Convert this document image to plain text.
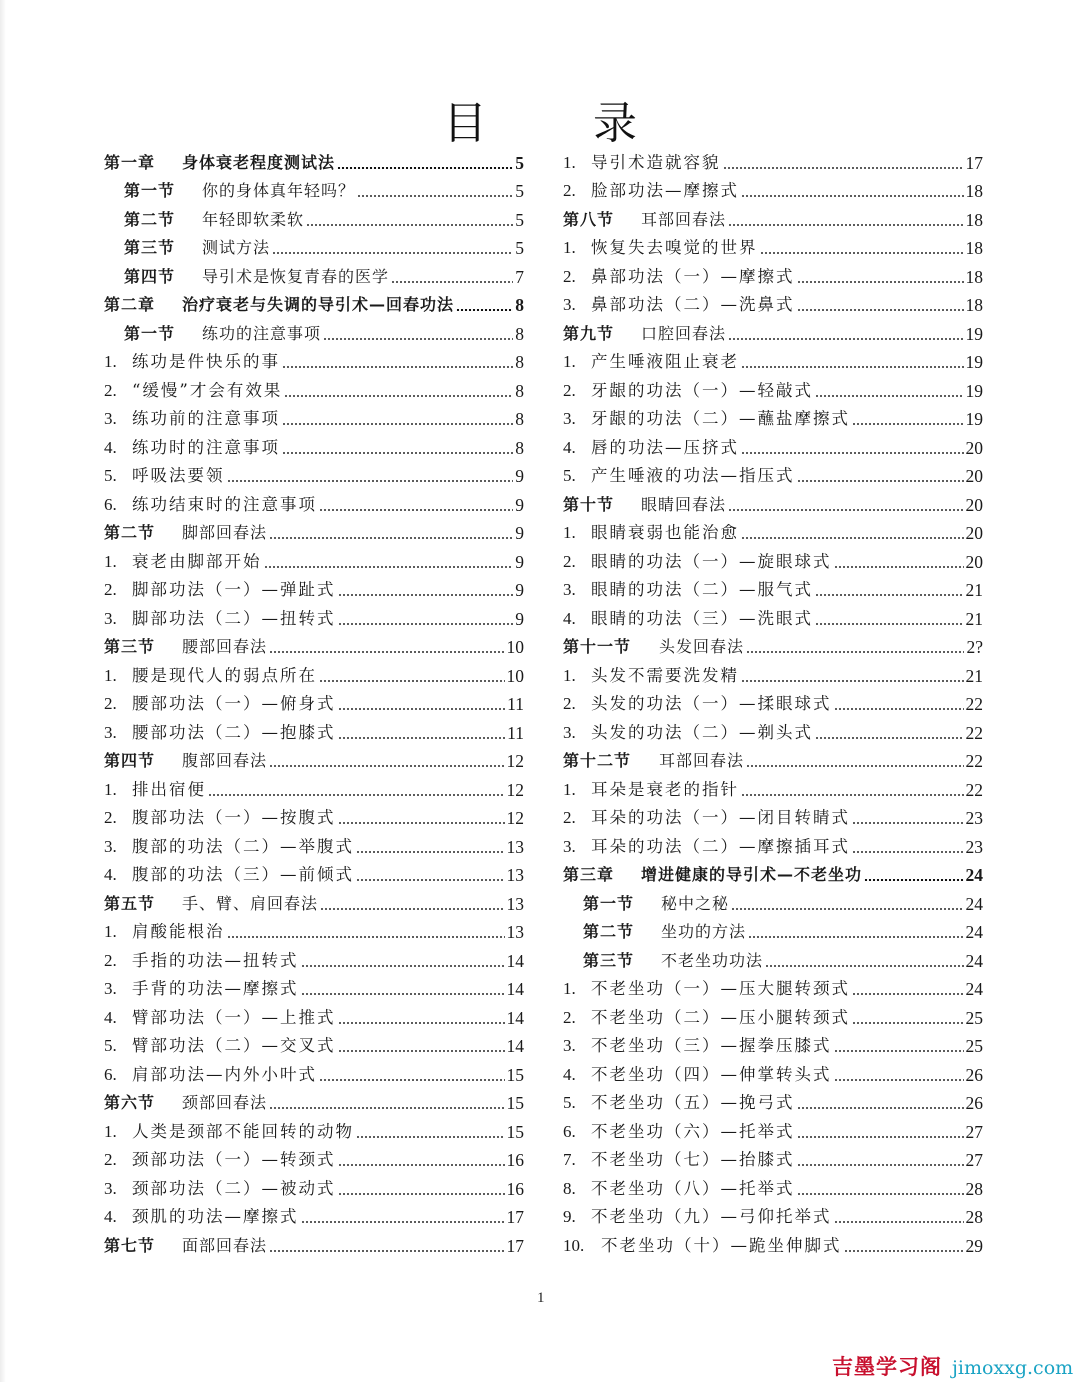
目 录
第一章	身体衰老程度测试法	5
第一节	你的身体真年轻吗？	5
第二节	年轻即软柔软	5
第三节	测试方法	5
第四节	导引术是恢复青春的医学	7
第二章	治疗衰老与失调的导引术—回春功法	8
第一节	练功的注意事项	8
1. 练功是件快乐的事	8
2. “缓慢”才会有效果	8
3. 练功前的注意事项	8
4. 练功时的注意事项	8
5. 呼吸法要领	9
6. 练功结束时的注意事项	9
第二节	脚部回春法	9
1. 衰老由脚部开始	9
2. 脚部功法（一）—弹趾式	9
3. 脚部功法（二）—扭转式	9
第三节	腰部回春法	10
1. 腰是现代人的弱点所在	10
2. 腰部功法（一）—俯身式	11
3. 腰部功法（二）—抱膝式	11
第四节	腹部回春法	12
1. 排出宿便	12
2. 腹部功法（一）—按腹式	12
3. 腹部的功法（二）—举腹式	13
4. 腹部的功法（三）—前倾式	13
第五节	手、臂、肩回春法	13
1. 肩酸能根治	13
2. 手指的功法—扭转式	14
3. 手背的功法—摩擦式	14
4. 臂部功法（一）—上推式	14
5. 臂部功法（二）—交叉式	14
6. 肩部功法—内外小叶式	15
第六节	颈部回春法	15
1. 人类是颈部不能回转的动物	15
2. 颈部功法（一）—转颈式	16
3. 颈部功法（二）—被动式	16
4. 颈肌的功法—摩擦式	17
第七节	面部回春法	17
1. 导引术造就容貌	17
2. 脸部功法—摩擦式	18
第八节	耳部回春法	18
1. 恢复失去嗅觉的世界	18
2. 鼻部功法（一）—摩擦式	18
3. 鼻部功法（二）—洗鼻式	18
第九节	口腔回春法	19
1. 产生唾液阻止衰老	19
2. 牙龈的功法（一）—轻敲式	19
3. 牙龈的功法（二）—蘸盐摩擦式	19
4. 唇的功法—压挤式	20
5. 产生唾液的功法—指压式	20
第十节	眼睛回春法	20
1. 眼睛衰弱也能治愈	20
2. 眼睛的功法（一）—旋眼球式	20
3. 眼睛的功法（二）—服气式	21
4. 眼睛的功法（三）—洗眼式	21
第十一节	头发回春法	2?
1. 头发不需要洗发精	21
2. 头发的功法（一）—揉眼球式	22
3. 头发的功法（二）—剃头式	22
第十二节	耳部回春法	22
1. 耳朵是衰老的指针	22
2. 耳朵的功法（一）—闭目转睛式	23
3. 耳朵的功法（二）—摩擦插耳式	23
第三章	增进健康的导引术—不老坐功	24
第一节	秘中之秘	24
第二节	坐功的方法	24
第三节	不老坐功功法	24
1. 不老坐功（一）—压大腿转颈式	24
2. 不老坐功（二）—压小腿转颈式	25
3. 不老坐功（三）—握拳压膝式	25
4. 不老坐功（四）—伸掌转头式	26
5. 不老坐功（五）—挽弓式	26
6. 不老坐功（六）—托举式	27
7. 不老坐功（七）—抬膝式	27
8. 不老坐功（八）—托举式	28
9. 不老坐功（九）—弓仰托举式	28
10.	不老坐功（十）—跪坐伸脚式	29
1
吉墨学习阁 jimoxxg.com
